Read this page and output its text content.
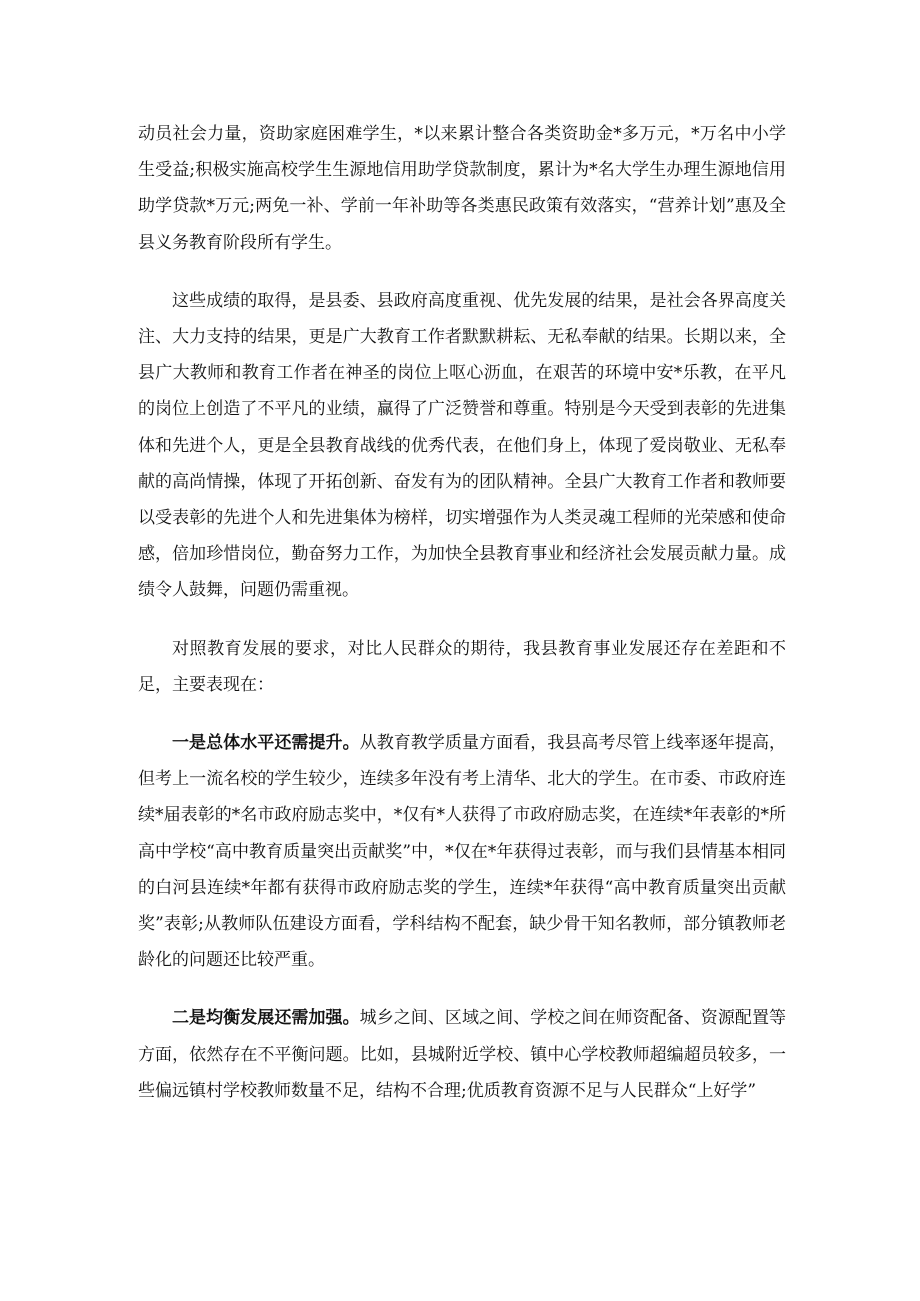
动员社会力量，资助家庭困难学生，*以来累计整合各类资助金*多万元，*万名中小学生受益;积极实施高校学生生源地信用助学贷款制度，累计为*名大学生办理生源地信用助学贷款*万元;两免一补、学前一年补助等各类惠民政策有效落实，“营养计划”惠及全县义务教育阶段所有学生。

这些成绩的取得，是县委、县政府高度重视、优先发展的结果，是社会各界高度关注、大力支持的结果，更是广大教育工作者默默耕耘、无私奉献的结果。长期以来，全县广大教师和教育工作者在神圣的岗位上呕心沥血，在艰苦的环境中安*乐教，在平凡的岗位上创造了不平凡的业绩，赢得了广泛赞誉和尊重。特别是今天受到表彰的先进集体和先进个人，更是全县教育战线的优秀代表，在他们身上，体现了爱岗敬业、无私奉献的高尚情操，体现了开拓创新、奋发有为的团队精神。全县广大教育工作者和教师要以受表彰的先进个人和先进集体为榜样，切实增强作为人类灵魂工程师的光荣感和使命感，倍加珍惜岗位，勤奋努力工作，为加快全县教育事业和经济社会发展贡献力量。成绩令人鼓舞，问题仍需重视。

对照教育发展的要求，对比人民群众的期待，我县教育事业发展还存在差距和不足，主要表现在：

一是总体水平还需提升。从教育教学质量方面看，我县高考尽管上线率逐年提高，但考上一流名校的学生较少，连续多年没有考上清华、北大的学生。在市委、市政府连续*届表彰的*名市政府励志奖中，*仅有*人获得了市政府励志奖，在连续*年表彰的*所高中学校“高中教育质量突出贡献奖”中，*仅在*年获得过表彰，而与我们县情基本相同的白河县连续*年都有获得市政府励志奖的学生，连续*年获得“高中教育质量突出贡献奖”表彰;从教师队伍建设方面看，学科结构不配套，缺少骨干知名教师，部分镇教师老龄化的问题还比较严重。

二是均衡发展还需加强。城乡之间、区域之间、学校之间在师资配备、资源配置等方面，依然存在不平衡问题。比如，县城附近学校、镇中心学校教师超编超员较多，一些偏远镇村学校教师数量不足，结构不合理;优质教育资源不足与人民群众“上好学”
